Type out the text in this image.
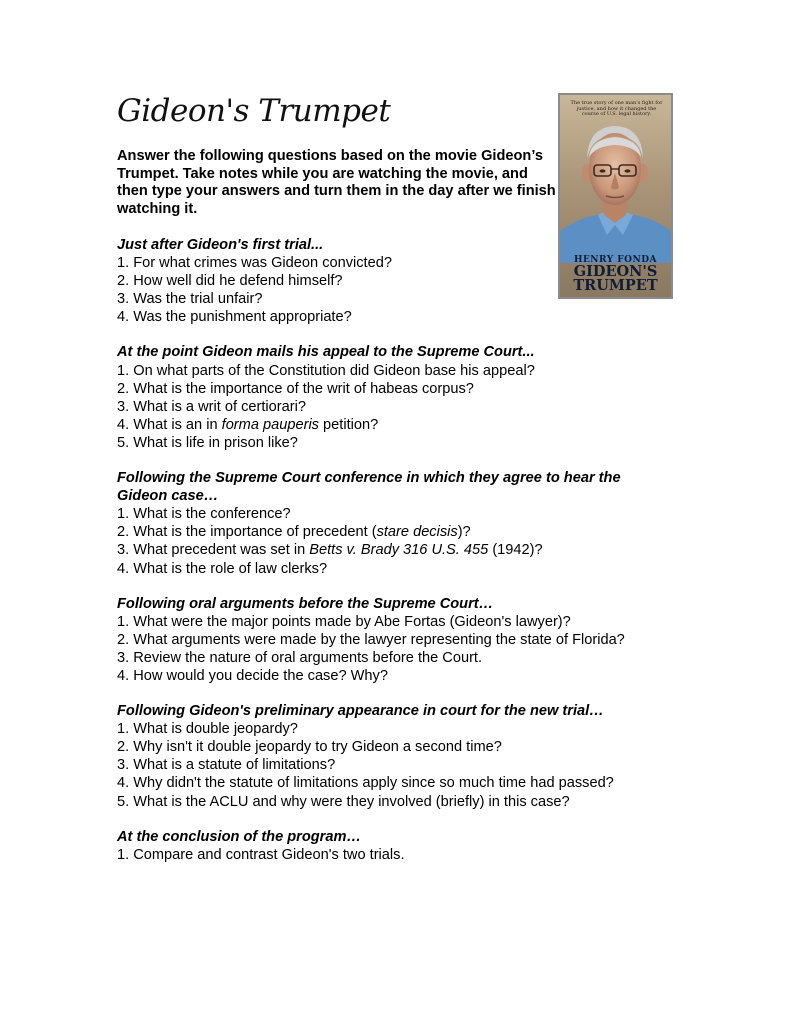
Gideon's Trumpet

Answer the following questions based on the movie Gideon’s Trumpet. Take notes while you are watching the movie, and then type your answers and turn them in the day after we finish watching it.

The true story of one man's fight for justice, and how it changed the course of U.S. legal history.
HENRY FONDA
GIDEON'S
TRUMPET
Just after Gideon's first trial...
1. For what crimes was Gideon convicted?
2. How well did he defend himself?
3. Was the trial unfair?
4. Was the punishment appropriate?
At the point Gideon mails his appeal to the Supreme Court...
1. On what parts of the Constitution did Gideon base his appeal?
2. What is the importance of the writ of habeas corpus?
3. What is a writ of certiorari?
4. What is an in forma pauperis petition?
5. What is life in prison like?
Following the Supreme Court conference in which they agree to hear the
Gideon case…
1. What is the conference?
2. What is the importance of precedent (stare decisis)?
3. What precedent was set in Betts v. Brady 316 U.S. 455 (1942)?
4. What is the role of law clerks?
Following oral arguments before the Supreme Court…
1. What were the major points made by Abe Fortas (Gideon's lawyer)?
2. What arguments were made by the lawyer representing the state of Florida?
3. Review the nature of oral arguments before the Court.
4. How would you decide the case? Why?
Following Gideon's preliminary appearance in court for the new trial…
1. What is double jeopardy?
2. Why isn't it double jeopardy to try Gideon a second time?
3. What is a statute of limitations?
4. Why didn't the statute of limitations apply since so much time had passed?
5. What is the ACLU and why were they involved (briefly) in this case?
At the conclusion of the program…
1. Compare and contrast Gideon's two trials.
